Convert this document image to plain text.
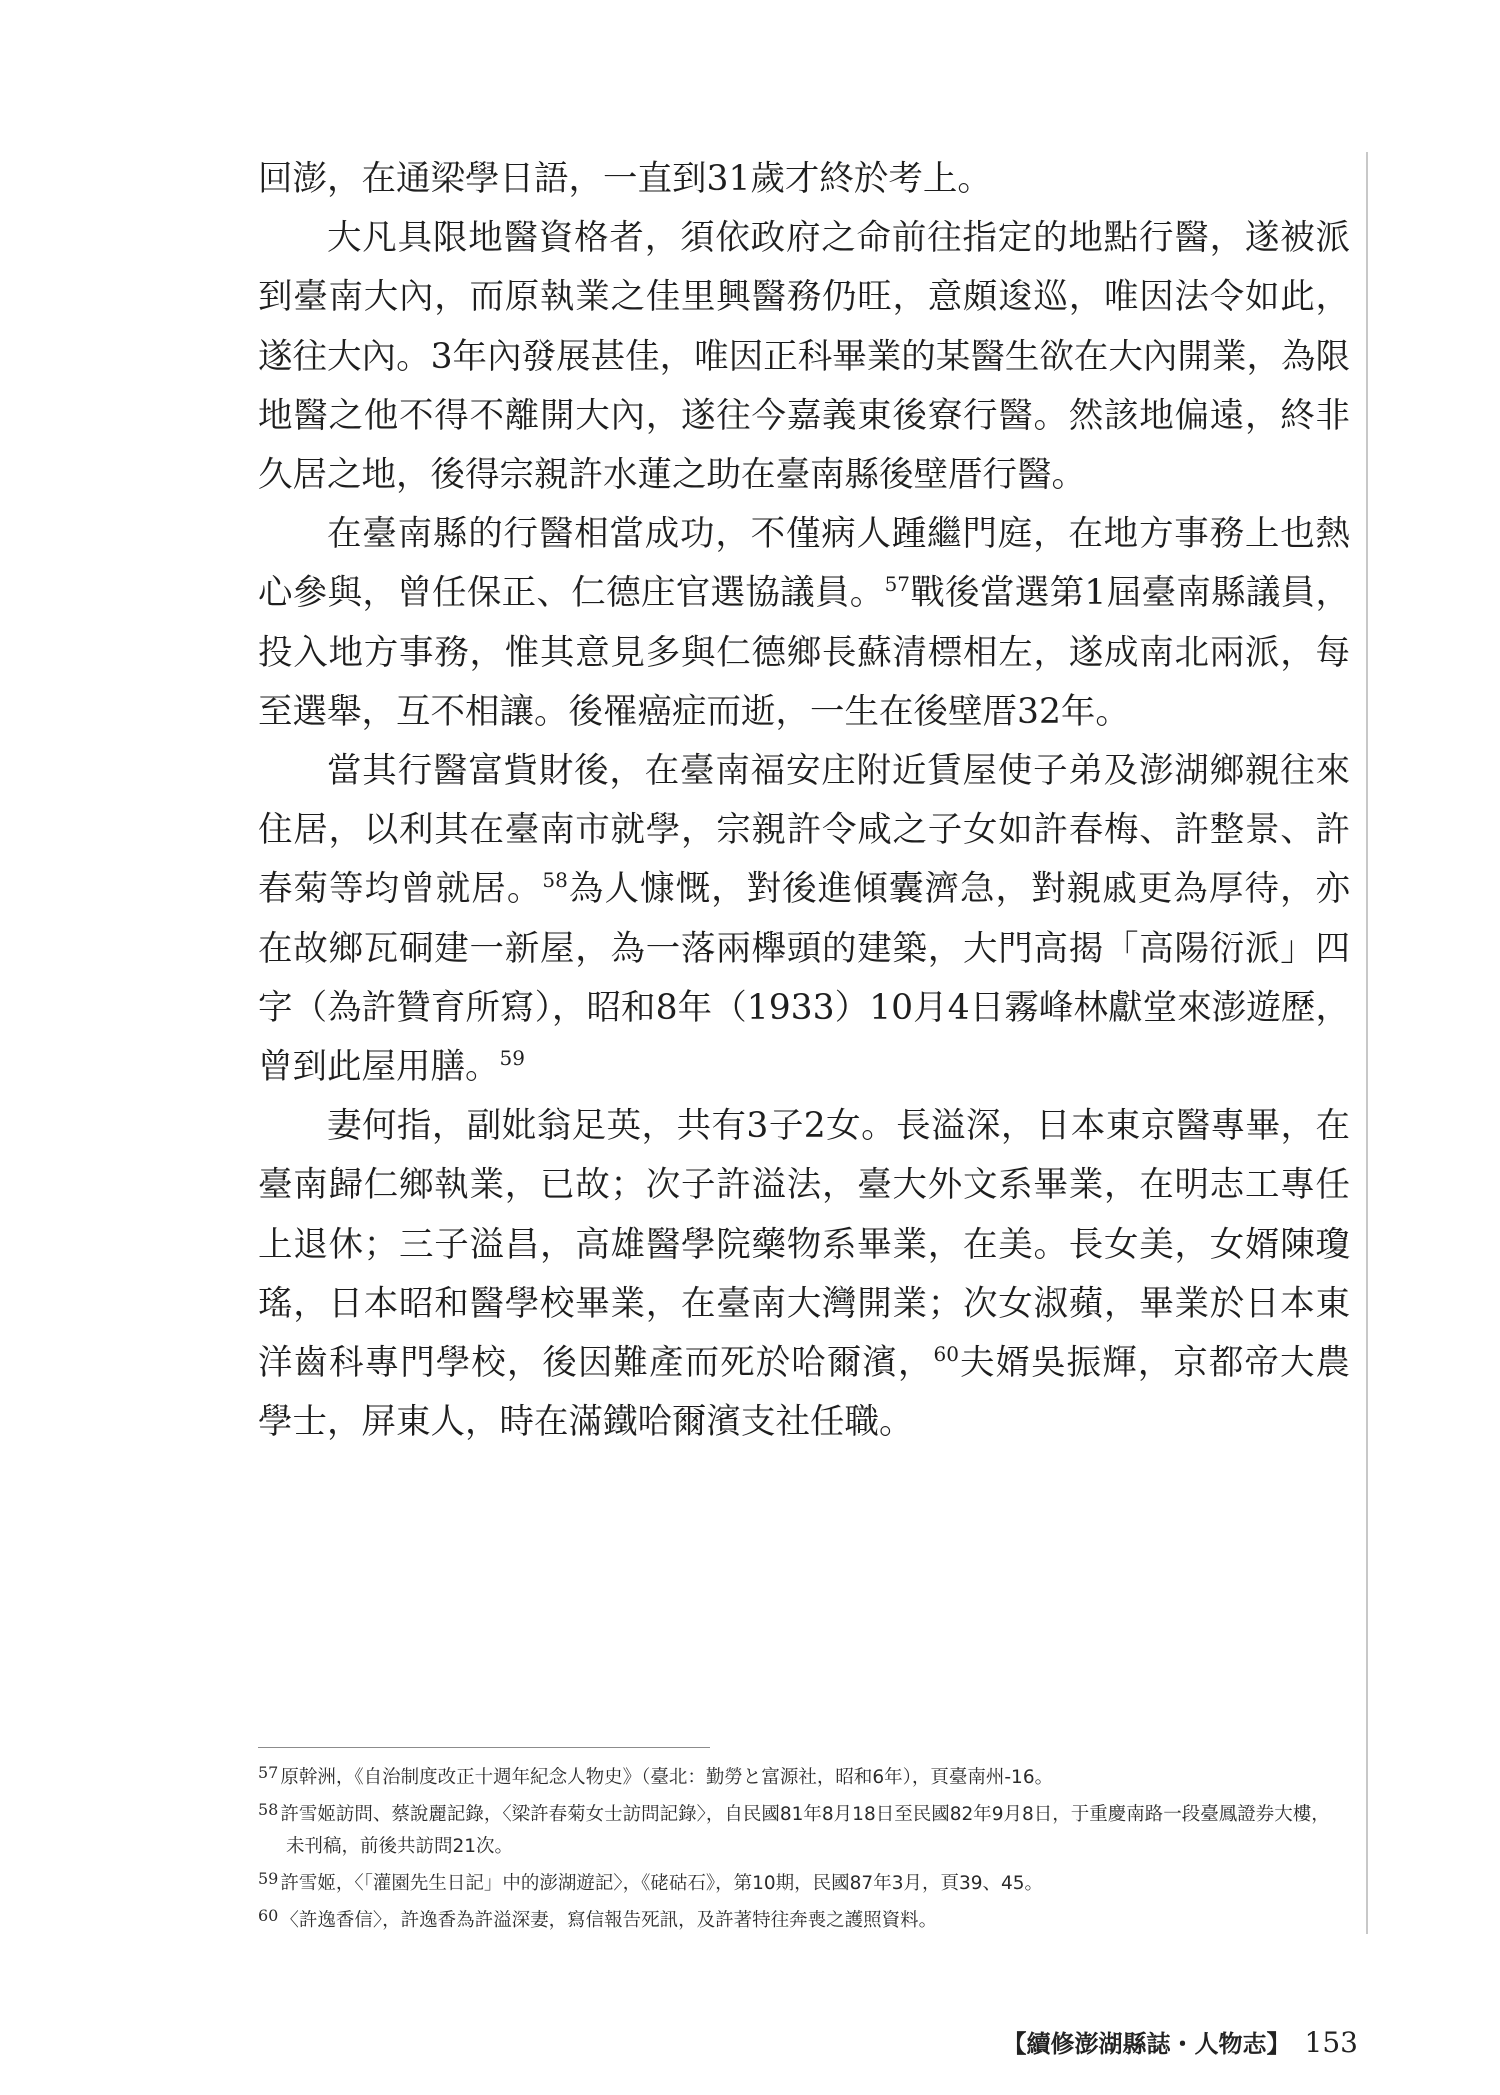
回澎，在通梁學日語，一直到31歲才終於考上。

大凡具限地醫資格者，須依政府之命前往指定的地點行醫，遂被派到臺南大內，而原執業之佳里興醫務仍旺，意頗逡巡，唯因法令如此，遂往大內。3年內發展甚佳，唯因正科畢業的某醫生欲在大內開業，為限地醫之他不得不離開大內，遂往今嘉義東後寮行醫。然該地偏遠，終非久居之地，後得宗親許水蓮之助在臺南縣後壁厝行醫。

在臺南縣的行醫相當成功，不僅病人踵繼門庭，在地方事務上也熱心參與，曾任保正、仁德庄官選協議員。$^{57}$戰後當選第1屆臺南縣議員，投入地方事務，惟其意見多與仁德鄉長蘇清標相左，遂成南北兩派，每至選舉，互不相讓。後罹癌症而逝，一生在後壁厝32年。

當其行醫富貲財後，在臺南福安庄附近賃屋使子弟及澎湖鄉親往來住居，以利其在臺南市就學，宗親許令咸之子女如許春梅、許整景、許春菊等均曾就居。$^{58}$為人慷慨，對後進傾囊濟急，對親戚更為厚待，亦在故鄉瓦硐建一新屋，為一落兩櫸頭的建築，大門高揭「高陽衍派」四字（為許贊育所寫），昭和8年（1933）10月4日霧峰林獻堂來澎遊歷，曾到此屋用膳。$^{59}$

妻何指，副妣翁足英，共有3子2女。長溢深，日本東京醫專畢，在臺南歸仁鄉執業，已故；次子許溢法，臺大外文系畢業，在明志工專任上退休；三子溢昌，高雄醫學院藥物系畢業，在美。長女美，女婿陳瓊瑤，日本昭和醫學校畢業，在臺南大灣開業；次女淑蘋，畢業於日本東洋齒科專門學校，後因難產而死於哈爾濱，$^{60}$夫婿吳振輝，京都帝大農學士，屏東人，時在滿鐵哈爾濱支社任職。

57 原幹洲，《自治制度改正十週年紀念人物史》（臺北：勤勞と富源社，昭和6年），頁臺南州-16。

58 許雪姬訪問、蔡說麗記錄，〈梁許春菊女士訪問記錄〉，自民國81年8月18日至民國82年9月8日，于重慶南路一段臺鳳證券大樓，未刊稿，前後共訪問21次。

59 許雪姬，〈「灌園先生日記」中的澎湖遊記〉，《硓𥑮石》，第10期，民國87年3月，頁39、45。

60 〈許逸香信〉，許逸香為許溢深妻，寫信報告死訊，及許著特往奔喪之護照資料。

【續修澎湖縣誌・人物志】 153
